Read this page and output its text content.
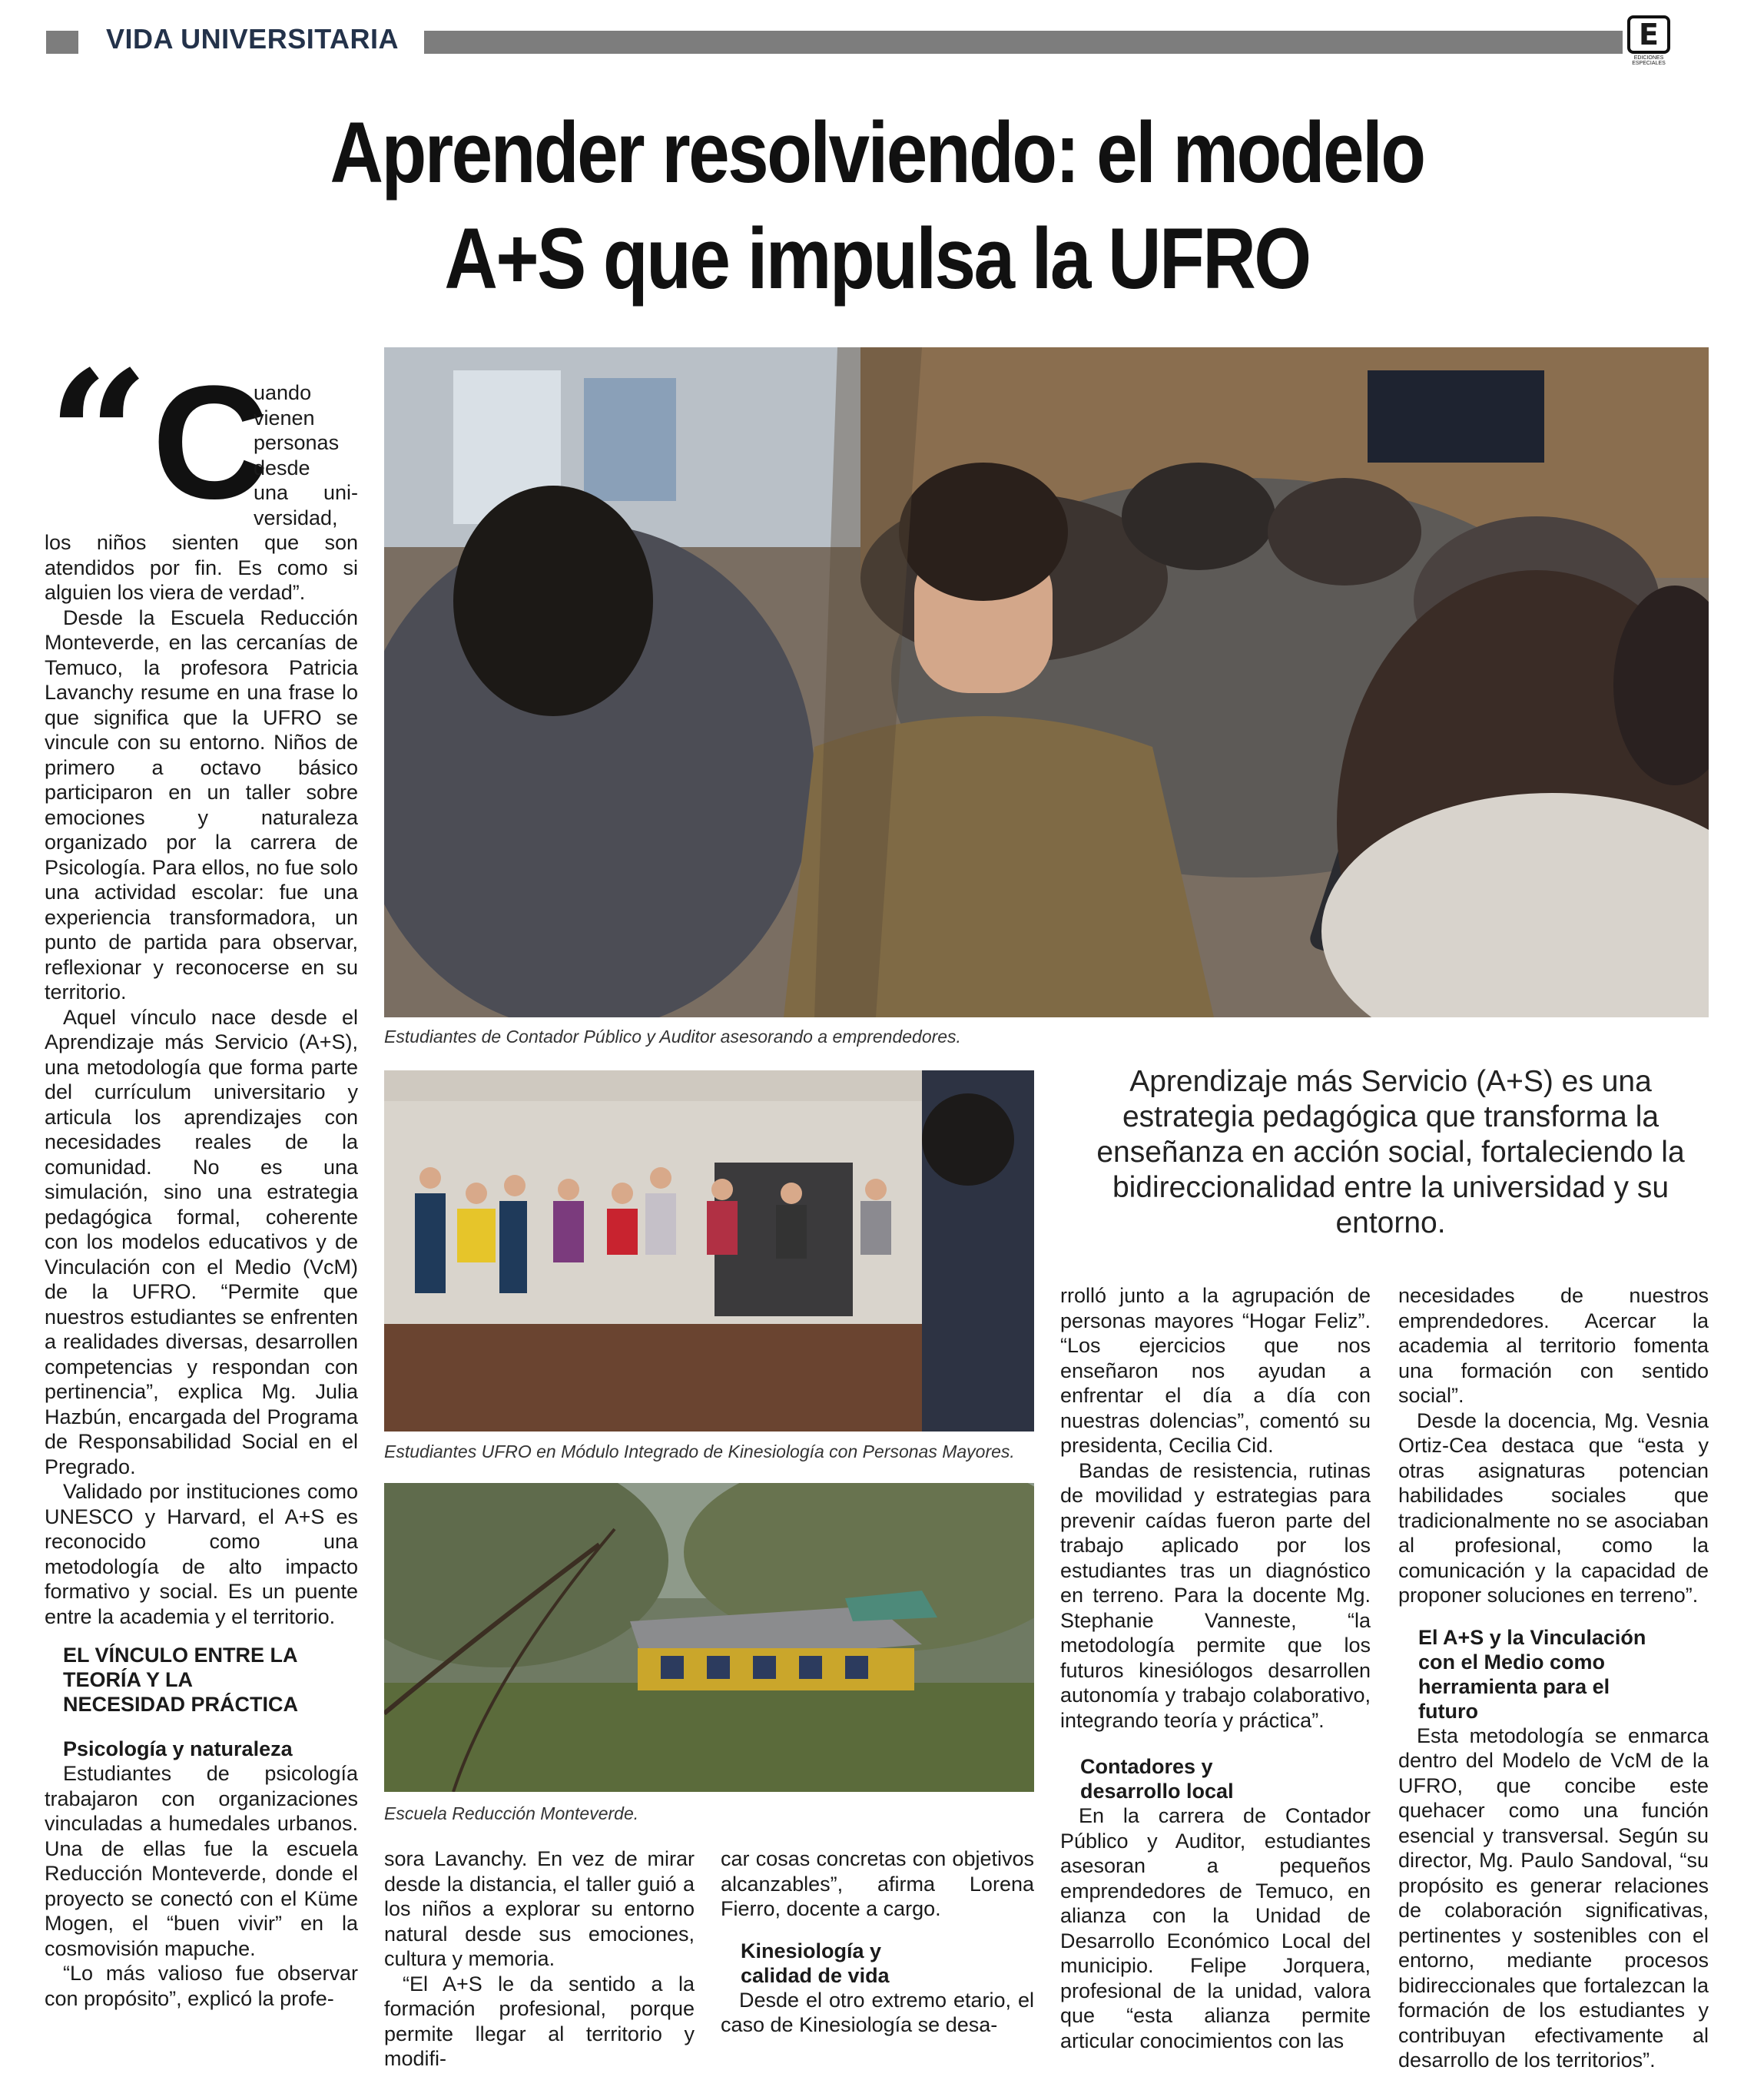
VIDA UNIVERSITARIA	E
EDICIONES ESPECIALES
Aprender resolviendo: el modelo
A+S que impulsa la UFRO
“ C
uando
vienen
personas
desde
una uni-
versidad,

los niños sienten que son atendidos por fin. Es como si alguien los viera de verdad”.

Desde la Escuela Reducción Monteverde, en las cercanías de Temuco, la profesora Patricia Lavanchy resume en una frase lo que significa que la UFRO se vincule con su entorno. Niños de primero a octavo básico participaron en un taller sobre emociones y naturaleza organizado por la carrera de Psicología. Para ellos, no fue solo una actividad escolar: fue una experiencia transformadora, un punto de partida para observar, reflexionar y reconocerse en su territorio.

Aquel vínculo nace desde el Aprendizaje más Servicio (A+S), una metodología que forma parte del currículum universitario y articula los aprendizajes con necesidades reales de la comunidad. No es una simulación, sino una estrategia pedagógica formal, coherente con los modelos educativos y de Vinculación con el Medio (VcM) de la UFRO. “Permite que nuestros estudiantes se enfrenten a realidades diversas, desarrollen competencias y respondan con pertinencia”, explica Mg. Julia Hazbún, encargada del Programa de Responsabilidad Social en el Pregrado.

Validado por instituciones como UNESCO y Harvard, el A+S es reconocido como una metodología de alto impacto formativo y social. Es un puente entre la academia y el territorio.

EL VÍNCULO ENTRE LA TEORÍA Y LA NECESIDAD PRÁCTICA
Psicología y naturaleza

Estudiantes de psicología trabajaron con organizaciones vinculadas a humedales urbanos. Una de ellas fue la escuela Reducción Monteverde, donde el proyecto se conectó con el Küme Mogen, el “buen vivir” en la cosmovisión mapuche.

“Lo más valioso fue observar con propósito”, explicó la profe-

Estudiantes de Contador Público y Auditor asesorando a emprendedores.
Estudiantes UFRO en Módulo Integrado de Kinesiología con Personas Mayores.
Escuela Reducción Monteverde.
Aprendizaje más Servicio (A+S) es una estrategia pedagógica que transforma la enseñanza en acción social, fortaleciendo la bidireccionalidad entre la universidad y su entorno.

sora Lavanchy. En vez de mirar desde la distancia, el taller guió a los niños a explorar su entorno natural desde sus emociones, cultura y memoria.

“El A+S le da sentido a la formación profesional, porque permite llegar al territorio y modifi-

car cosas concretas con objetivos alcanzables”, afirma Lorena Fierro, docente a cargo.

Kinesiología y calidad de vida

Desde el otro extremo etario, el caso de Kinesiología se desa-

rrolló junto a la agrupación de personas mayores “Hogar Feliz”. “Los ejercicios que nos enseñaron nos ayudan a enfrentar el día a día con nuestras dolencias”, comentó su presidenta, Cecilia Cid.

Bandas de resistencia, rutinas de movilidad y estrategias para prevenir caídas fueron parte del trabajo aplicado por los estudiantes tras un diagnóstico en terreno. Para la docente Mg. Stephanie Vanneste, “la metodología permite que los futuros kinesiólogos desarrollen autonomía y trabajo colaborativo, integrando teoría y práctica”.

Contadores y desarrollo local

En la carrera de Contador Público y Auditor, estudiantes asesoran a pequeños emprendedores de Temuco, en alianza con la Unidad de Desarrollo Económico Local del municipio. Felipe Jorquera, profesional de la unidad, valora que “esta alianza permite articular conocimientos con las

necesidades de nuestros emprendedores. Acercar la academia al territorio fomenta una formación con sentido social”.

Desde la docencia, Mg. Vesnia Ortiz-Cea destaca que “esta y otras asignaturas potencian habilidades sociales que tradicionalmente no se asociaban al profesional, como la comunicación y la capacidad de proponer soluciones en terreno”.

El A+S y la Vinculación con el Medio como herramienta para el futuro

Esta metodología se enmarca dentro del Modelo de VcM de la UFRO, que concibe este quehacer como una función esencial y transversal. Según su director, Mg. Paulo Sandoval, “su propósito es generar relaciones de colaboración significativas, pertinentes y sostenibles con el entorno, mediante procesos bidireccionales que fortalezcan la formación de los estudiantes y contribuyan efectivamente al desarrollo de los territorios”.
